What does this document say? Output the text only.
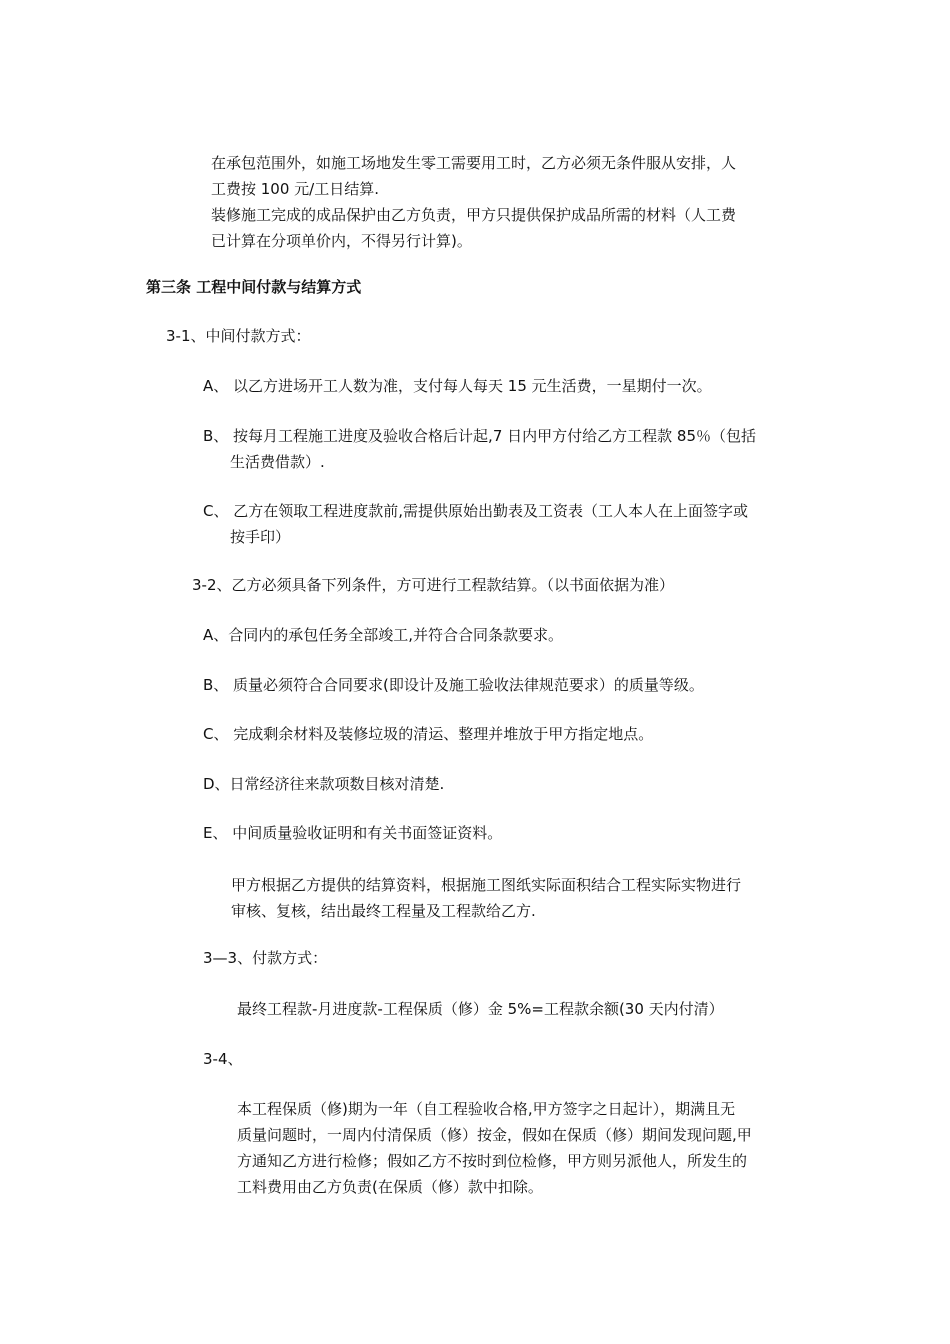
在承包范围外，如施工场地发生零工需要用工时，乙方必须无条件服从安排，人
工费按 100 元/工日结算.
装修施工完成的成品保护由乙方负责，甲方只提供保护成品所需的材料（人工费
已计算在分项单价内，不得另行计算)。
第三条 工程中间付款与结算方式
3-1、中间付款方式：
A、 以乙方进场开工人数为准，支付每人每天 15 元生活费，一星期付一次。
B、 按每月工程施工进度及验收合格后计起,7 日内甲方付给乙方工程款 85％（包括
生活费借款）.
C、 乙方在领取工程进度款前,需提供原始出勤表及工资表（工人本人在上面签字或
按手印）
3-2、乙方必须具备下列条件，方可进行工程款结算。（以书面依据为准）
A、合同内的承包任务全部竣工,并符合合同条款要求。
B、 质量必须符合合同要求(即设计及施工验收法律规范要求）的质量等级。
C、 完成剩余材料及装修垃圾的清运、整理并堆放于甲方指定地点。
D、日常经济往来款项数目核对清楚.
E、 中间质量验收证明和有关书面签证资料。
甲方根据乙方提供的结算资料，根据施工图纸实际面积结合工程实际实物进行
审核、复核，结出最终工程量及工程款给乙方.
3—3、付款方式：
最终工程款-月进度款-工程保质（修）金 5%=工程款余额(30 天内付清）
3-4、
本工程保质（修)期为一年（自工程验收合格,甲方签字之日起计），期满且无
质量问题时，一周内付清保质（修）按金，假如在保质（修）期间发现问题,甲
方通知乙方进行检修；假如乙方不按时到位检修，甲方则另派他人，所发生的
工料费用由乙方负责(在保质（修）款中扣除。
